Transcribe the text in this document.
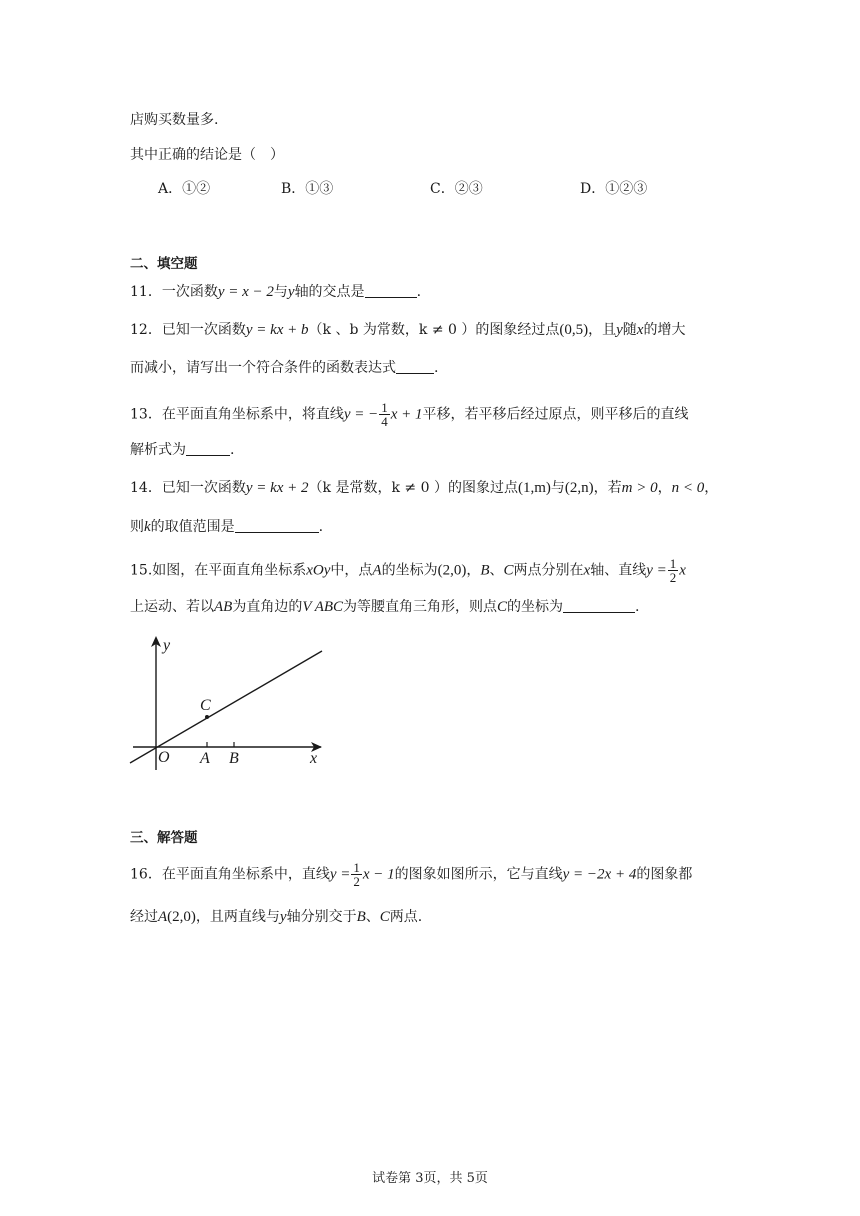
店购买数量多.
其中正确的结论是（　）
A．①②	B．①③	C．②③	D．①②③
二、填空题
11．一次函数y = x − 2与y轴的交点是	.
12．已知一次函数y = kx + b（k 、b 为常数，k ≠ 0 ）的图象经过点(0,5)，且y随x的增大
而减小，请写出一个符合条件的函数表达式	.
13．在平面直角坐标系中，将直线y = − $\frac{1}{4}$ x + 1平移，若平移后经过原点，则平移后的直线
解析式为	.
14．已知一次函数y = kx + 2（k 是常数，k ≠ 0 ）的图象过点(1,m)与(2,n)，若m > 0，n < 0，
则k的取值范围是	.
15.如图，在平面直角坐标系xOy中，点A的坐标为(2,0)，B、C两点分别在x轴、直线$y = \frac{1}{2}$ x
上运动、若以AB为直角边的V ABC为等腰直角三角形，则点C的坐标为	.
y
x
O A B
C
三、解答题
16．在平面直角坐标系中，直线$y = \frac{1}{2}$ x − 1的图象如图所示，它与直线y = −2x + 4的图象都
经过A(2,0)，且两直线与y轴分别交于B、C两点.
试卷第 3页，共 5页
